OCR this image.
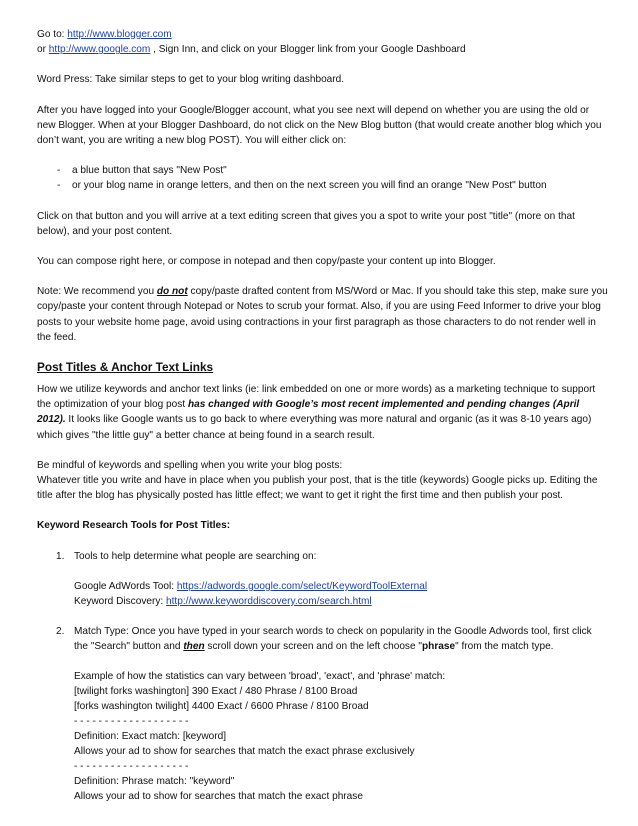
Go to: http://www.blogger.com
or http://www.google.com , Sign Inn, and click on your Blogger link from your Google Dashboard

Word Press: Take similar steps to get to your blog writing dashboard.

After you have logged into your Google/Blogger account, what you see next will depend on whether you are using the old or new Blogger. When at your Blogger Dashboard, do not click on the New Blog button (that would create another blog which you don’t want, you are writing a new blog POST). You will either click on:

- a blue button that says "New Post"
- or your blog name in orange letters, and then on the next screen you will find an orange "New Post" button

Click on that button and you will arrive at a text editing screen that gives you a spot to write your post "title" (more on that below), and your post content.

You can compose right here, or compose in notepad and then copy/paste your content up into Blogger.

Note: We recommend you do not copy/paste drafted content from MS/Word or Mac. If you should take this step, make sure you copy/paste your content through Notepad or Notes to scrub your format. Also, if you are using Feed Informer to drive your blog posts to your website home page, avoid using contractions in your first paragraph as those characters to do not render well in the feed.

Post Titles & Anchor Text Links

How we utilize keywords and anchor text links (ie: link embedded on one or more words) as a marketing technique to support the optimization of your blog post has changed with Google’s most recent implemented and pending changes (April 2012). It looks like Google wants us to go back to where everything was more natural and organic (as it was 8-10 years ago) which gives "the little guy" a better chance at being found in a search result.

Be mindful of keywords and spelling when you write your blog posts:
Whatever title you write and have in place when you publish your post, that is the title (keywords) Google picks up. Editing the title after the blog has physically posted has little effect; we want to get it right the first time and then publish your post.

Keyword Research Tools for Post Titles:

1. Tools to help determine what people are searching on:
Google AdWords Tool: https://adwords.google.com/select/KeywordToolExternal
Keyword Discovery: http://www.keyworddiscovery.com/search.html
2. Match Type: Once you have typed in your search words to check on popularity in the Goodle Adwords tool, first click the "Search" button and then scroll down your screen and on the left choose "phrase" from the match type.
Example of how the statistics can vary between 'broad', 'exact', and 'phrase' match:
[twilight forks washington] 390 Exact / 480 Phrase / 8100 Broad
[forks washington twilight] 4400 Exact / 6600 Phrase / 8100 Broad
- - - - - - - - - - - - - - - - - - -
Definition: Exact match: [keyword]
Allows your ad to show for searches that match the exact phrase exclusively
- - - - - - - - - - - - - - - - - - -
Definition: Phrase match: "keyword"
Allows your ad to show for searches that match the exact phrase
